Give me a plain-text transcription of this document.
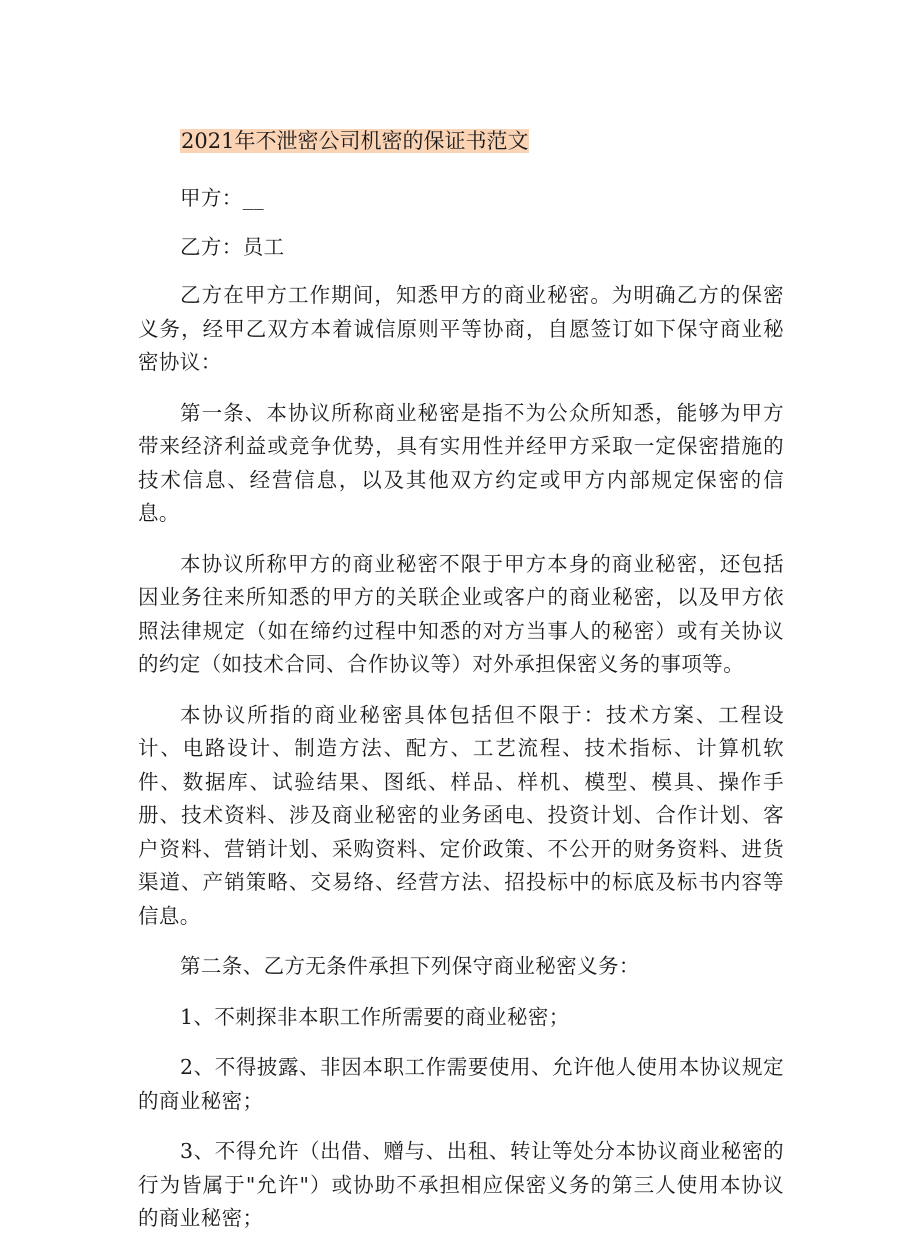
2021年不泄密公司机密的保证书范文

甲方：__

乙方：员工

乙方在甲方工作期间，知悉甲方的商业秘密。为明确乙方的保密义务，经甲乙双方本着诚信原则平等协商，自愿签订如下保守商业秘密协议：

第一条、本协议所称商业秘密是指不为公众所知悉，能够为甲方带来经济利益或竞争优势，具有实用性并经甲方采取一定保密措施的技术信息、经营信息，以及其他双方约定或甲方内部规定保密的信息。

本协议所称甲方的商业秘密不限于甲方本身的商业秘密，还包括因业务往来所知悉的甲方的关联企业或客户的商业秘密，以及甲方依照法律规定（如在缔约过程中知悉的对方当事人的秘密）或有关协议的约定（如技术合同、合作协议等）对外承担保密义务的事项等。

本协议所指的商业秘密具体包括但不限于：技术方案、工程设计、电路设计、制造方法、配方、工艺流程、技术指标、计算机软件、数据库、试验结果、图纸、样品、样机、模型、模具、操作手册、技术资料、涉及商业秘密的业务函电、投资计划、合作计划、客户资料、营销计划、采购资料、定价政策、不公开的财务资料、进货渠道、产销策略、交易络、经营方法、招投标中的标底及标书内容等信息。

第二条、乙方无条件承担下列保守商业秘密义务：

1、不刺探非本职工作所需要的商业秘密；

2、不得披露、非因本职工作需要使用、允许他人使用本协议规定的商业秘密；

3、不得允许（出借、赠与、出租、转让等处分本协议商业秘密的行为皆属于"允许"）或协助不承担相应保密义务的第三人使用本协议的商业秘密；
